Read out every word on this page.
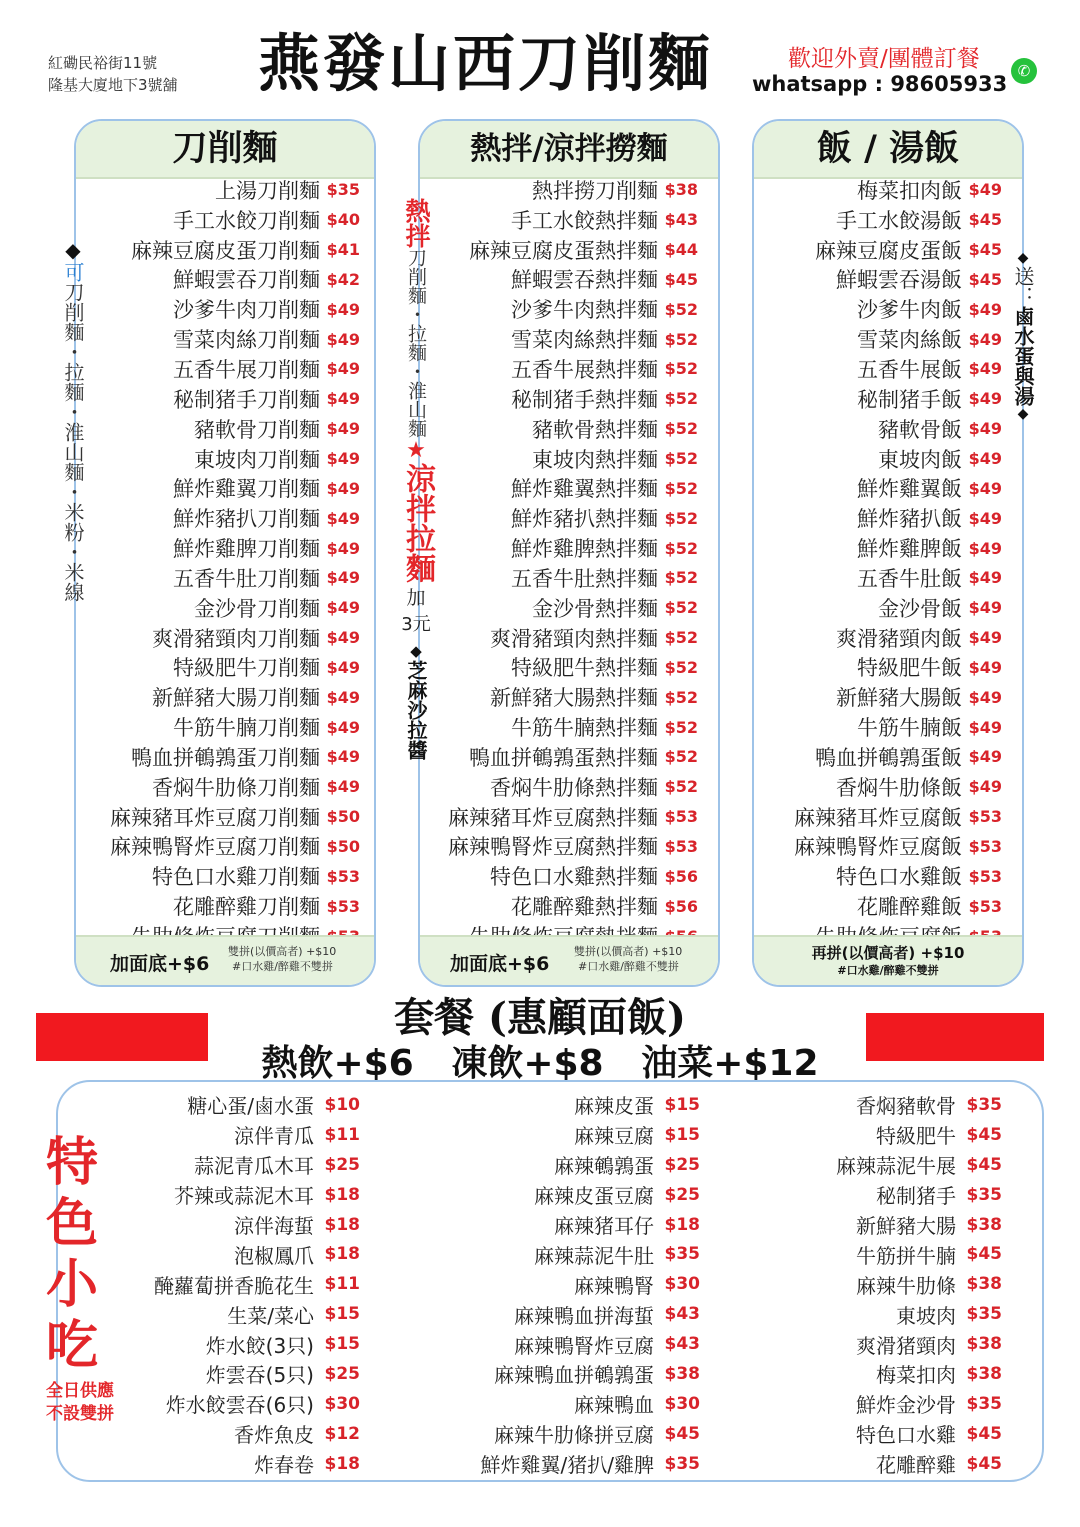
紅磡民裕街11號
隆基大廈地下3號舖 燕發山西刀削麵	歡迎外賣/團體訂餐
whatsapp : 98605933
✆
刀削麵
上湯刀削麵 $35
手工水餃刀削麵 $40
麻辣豆腐皮蛋刀削麵 $41
鮮蝦雲吞刀削麵 $42
沙爹牛肉刀削麵 $49
雪菜肉絲刀削麵 $49
五香牛展刀削麵 $49
秘制猪手刀削麵 $49
豬軟骨刀削麵 $49
東坡肉刀削麵 $49
鮮炸雞翼刀削麵 $49
鮮炸豬扒刀削麵 $49
鮮炸雞脾刀削麵 $49
五香牛肚刀削麵 $49
金沙骨刀削麵 $49
爽滑豬頸肉刀削麵 $49
特級肥牛刀削麵 $49
新鮮豬大腸刀削麵 $49
牛筋牛腩刀削麵 $49
鴨血拼鵪鶉蛋刀削麵 $49
香焖牛肋條刀削麵 $49
麻辣豬耳炸豆腐刀削麵 $50
麻辣鴨腎炸豆腐刀削麵 $50
特色口水雞刀削麵 $53
花雕醉雞刀削麵 $53
加面底+$6
雙拼(以價高者) +$10
#口水雞/醉雞不雙拼
熱拌/涼拌撈麵
熱拌撈刀削麵 $38
手工水餃熱拌麵 $43
麻辣豆腐皮蛋熱拌麵 $44
鮮蝦雲吞熱拌麵 $45
沙爹牛肉熱拌麵 $52
雪菜肉絲熱拌麵 $52
五香牛展熱拌麵 $52
秘制猪手熱拌麵 $52
豬軟骨熱拌麵 $52
東坡肉熱拌麵 $52
鮮炸雞翼熱拌麵 $52
鮮炸豬扒熱拌麵 $52
鮮炸雞脾熱拌麵 $52
五香牛肚熱拌麵 $52
金沙骨熱拌麵 $52
爽滑豬頸肉熱拌麵 $52
特級肥牛熱拌麵 $52
新鮮豬大腸熱拌麵 $52
牛筋牛腩熱拌麵 $52
鴨血拼鵪鶉蛋熱拌麵 $52
香焖牛肋條熱拌麵 $52
麻辣豬耳炸豆腐熱拌麵 $53
麻辣鴨腎炸豆腐熱拌麵 $53
特色口水雞熱拌麵 $56
花雕醉雞熱拌麵 $56
加面底+$6
雙拼(以價高者) +$10
#口水雞/醉雞不雙拼
飯 / 湯飯
梅菜扣肉飯 $49
手工水餃湯飯 $45
麻辣豆腐皮蛋飯 $45
鮮蝦雲吞湯飯 $45
沙爹牛肉飯 $49
雪菜肉絲飯 $49
五香牛展飯 $49
秘制猪手飯 $49
豬軟骨飯 $49
東坡肉飯 $49
鮮炸雞翼飯 $49
鮮炸豬扒飯 $49
鮮炸雞脾飯 $49
五香牛肚飯 $49
金沙骨飯 $49
爽滑豬頸肉飯 $49
特級肥牛飯 $49
新鮮豬大腸飯 $49
牛筋牛腩飯 $49
鴨血拼鵪鶉蛋飯 $49
香焖牛肋條飯 $49
麻辣豬耳炸豆腐飯 $53
麻辣鴨腎炸豆腐飯 $53
特色口水雞飯 $53
花雕醉雞飯 $53
再拼(以價高者) +$10
#口水雞/醉雞不雙拼
◆可刀削麵・拉麵・淮山麵・米粉・米線
熱拌
刀削麵・拉麵・淮山麵
★
涼拌拉麵
加
3元
◆
芝麻沙拉醬
◆
送：
鹵水蛋與湯
◆
套餐 (惠顧面飯)
熱飲+$6   凍飲+$8   油菜+$12
特
色
小
吃
全日供應
不設雙拼
糖心蛋/鹵水蛋 $10
涼伴青瓜 $11
蒜泥青瓜木耳 $25
芥辣或蒜泥木耳 $18
涼伴海蜇 $18
泡椒鳳爪 $18
醃蘿蔔拼香脆花生 $11
生菜/菜心 $15
炸水餃(3只) $15
炸雲吞(5只) $25
炸水餃雲吞(6只) $30
香炸魚皮 $12
炸春卷 $18
麻辣皮蛋 $15
麻辣豆腐 $15
麻辣鵪鶉蛋 $25
麻辣皮蛋豆腐 $25
麻辣猪耳仔 $18
麻辣蒜泥牛肚 $35
麻辣鴨腎 $30
麻辣鴨血拼海蜇 $43
麻辣鴨腎炸豆腐 $43
麻辣鴨血拼鵪鶉蛋 $38
麻辣鴨血 $30
麻辣牛肋條拼豆腐 $45
鮮炸雞翼/猪扒/雞脾 $35
香焖豬軟骨 $35
特級肥牛 $45
麻辣蒜泥牛展 $45
秘制猪手 $35
新鮮豬大腸 $38
牛筋拼牛腩 $45
麻辣牛肋條 $38
東坡肉 $35
爽滑猪頸肉 $38
梅菜扣肉 $38
鮮炸金沙骨 $35
特色口水雞 $45
花雕醉雞 $45
